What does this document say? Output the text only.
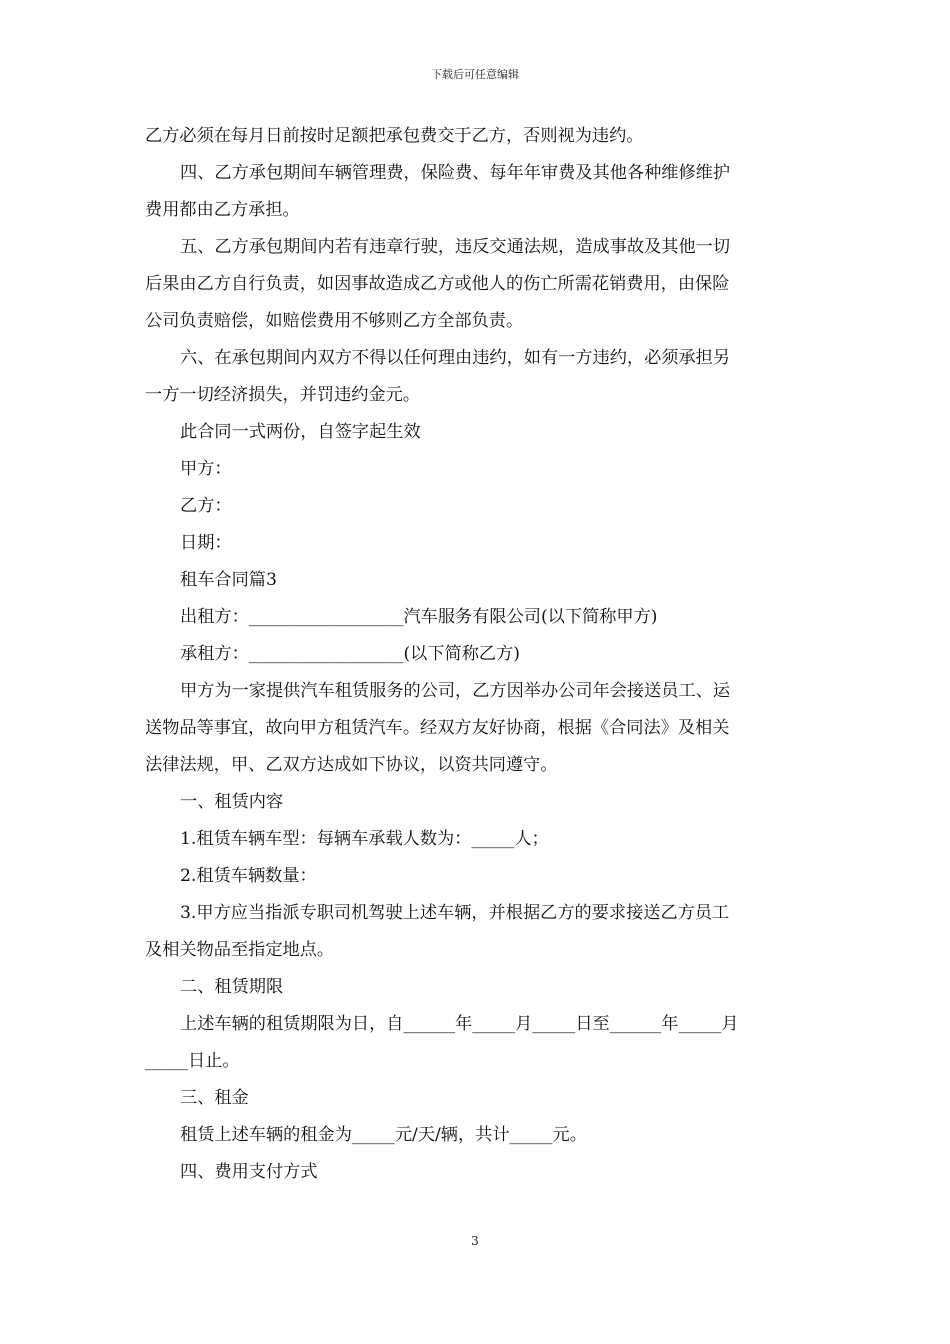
下载后可任意编辑

乙方必须在每月日前按时足额把承包费交于乙方，否则视为违约。

四、乙方承包期间车辆管理费，保险费、每年年审费及其他各种维修维护

费用都由乙方承担。

五、乙方承包期间内若有违章行驶，违反交通法规，造成事故及其他一切

后果由乙方自行负责，如因事故造成乙方或他人的伤亡所需花销费用，由保险

公司负责赔偿，如赔偿费用不够则乙方全部负责。

六、在承包期间内双方不得以任何理由违约，如有一方违约，必须承担另

一方一切经济损失，并罚违约金元。

此合同一式两份，自签字起生效

甲方：

乙方：

日期：

租车合同篇3

出租方：__________________汽车服务有限公司(以下简称甲方)

承租方：__________________(以下简称乙方)

甲方为一家提供汽车租赁服务的公司，乙方因举办公司年会接送员工、运

送物品等事宜，故向甲方租赁汽车。经双方友好协商，根据《合同法》及相关

法律法规，甲、乙双方达成如下协议，以资共同遵守。

一、租赁内容

1.租赁车辆车型：每辆车承载人数为：_____人；

2.租赁车辆数量：

3.甲方应当指派专职司机驾驶上述车辆，并根据乙方的要求接送乙方员工

及相关物品至指定地点。

二、租赁期限

上述车辆的租赁期限为日，自______年_____月_____日至______年_____月

_____日止。

三、租金

租赁上述车辆的租金为_____元/天/辆，共计_____元。

四、费用支付方式

3
